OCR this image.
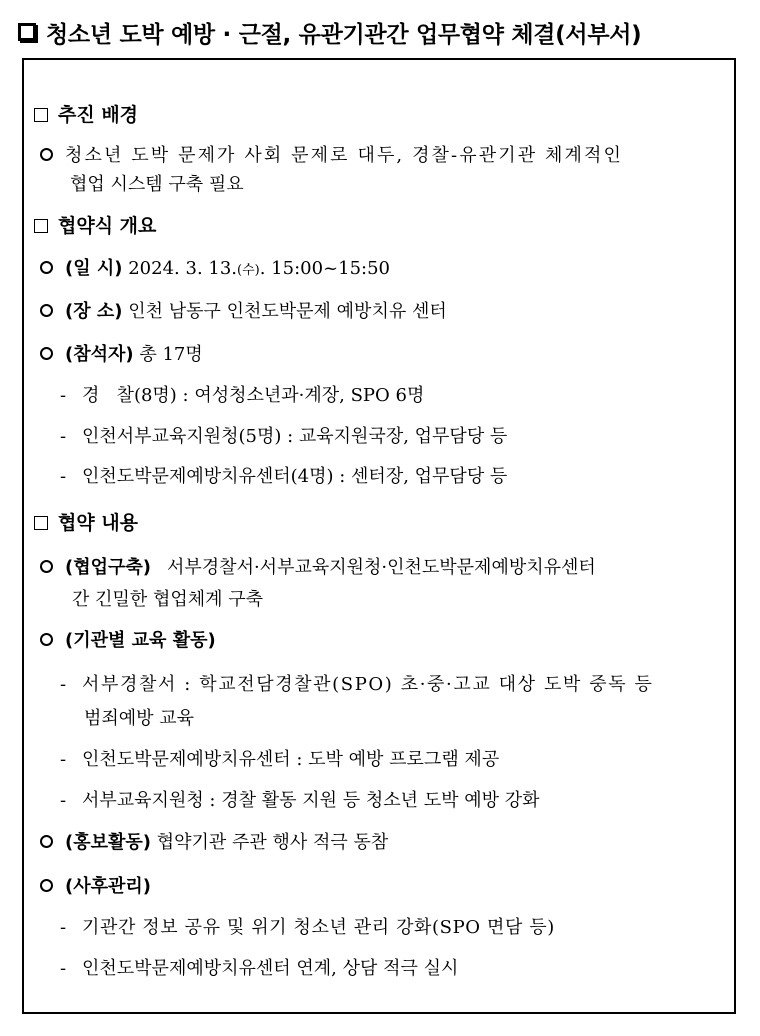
청소년 도박 예방 · 근절, 유관기관간 업무협약 체결(서부서)
추진 배경
청소년 도박 문제가 사회 문제로 대두, 경찰-유관기관 체계적인
협업 시스템 구축 필요
협약식 개요
(일 시) 2024. 3. 13.(수). 15:00~15:50
(장 소) 인천 남동구 인천도박문제 예방치유 센터
(참석자) 총 17명
- 경   찰(8명) : 여성청소년과·계장, SPO 6명
- 인천서부교육지원청(5명) : 교육지원국장, 업무담당 등
- 인천도박문제예방치유센터(4명) : 센터장, 업무담당 등
협약 내용
(협업구축) 서부경찰서·서부교육지원청·인천도박문제예방치유센터
간 긴밀한 협업체계 구축
(기관별 교육 활동)
- 서부경찰서 : 학교전담경찰관(SPO) 초·중·고교 대상 도박 중독 등
범죄예방 교육
- 인천도박문제예방치유센터 : 도박 예방 프로그램 제공
- 서부교육지원청 : 경찰 활동 지원 등 청소년 도박 예방 강화
(홍보활동) 협약기관 주관 행사 적극 동참
(사후관리)
- 기관간 정보 공유 및 위기 청소년 관리 강화(SPO 면담 등)
- 인천도박문제예방치유센터 연계, 상담 적극 실시
